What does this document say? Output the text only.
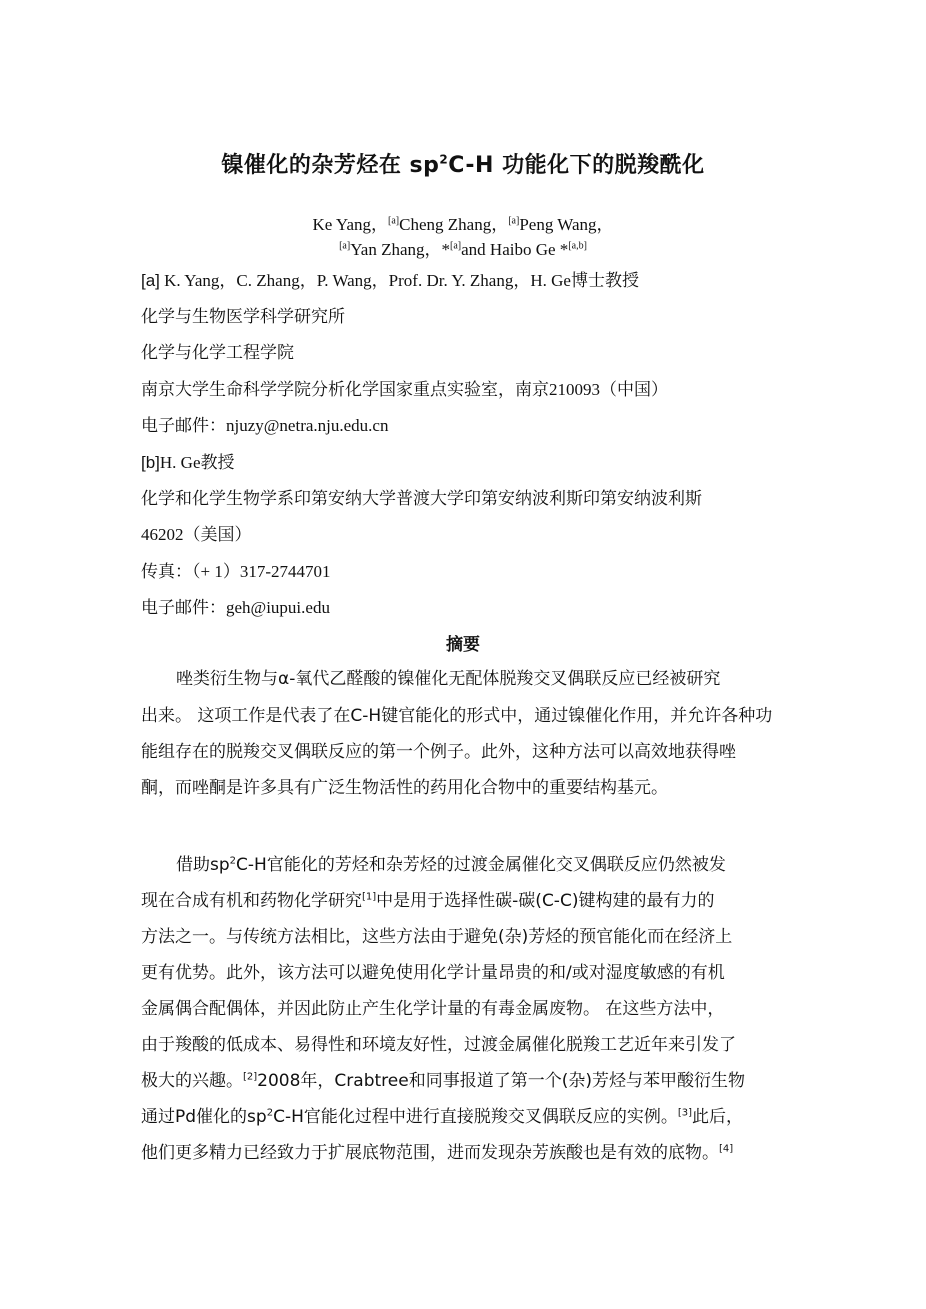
镍催化的杂芳烃在 $sp^2C-H$ 功能化下的脱羧酰化
Ke Yang，[a]Cheng Zhang，[a]Peng Wang，
[a]Yan Zhang，*[a]and Haibo Ge *[a,b]
[a] K. Yang，C. Zhang，P. Wang，Prof. Dr. Y. Zhang，H. Ge博士教授
化学与生物医学科学研究所
化学与化学工程学院
南京大学生命科学学院分析化学国家重点实验室，南京210093（中国）
电子邮件：njuzy@netra.nju.edu.cn
[b]H. Ge教授
化学和化学生物学系印第安纳大学普渡大学印第安纳波利斯印第安纳波利斯
46202（美国）
传真：（+ 1）317-2744701
电子邮件：geh@iupui.edu
摘要
唑类衍生物与α-氧代乙醛酸的镍催化无配体脱羧交叉偶联反应已经被研究
出来。 这项工作是代表了在C-H键官能化的形式中，通过镍催化作用，并允许各种功
能组存在的脱羧交叉偶联反应的第一个例子。此外，这种方法可以高效地获得唑
酮，而唑酮是许多具有广泛生物活性的药用化合物中的重要结构基元。
借助$sp^2C-H$官能化的芳烃和杂芳烃的过渡金属催化交叉偶联反应仍然被发
现在合成有机和药物化学研究[1]中是用于选择性碳-碳(C-C)键构建的最有力的
方法之一。与传统方法相比，这些方法由于避免(杂)芳烃的预官能化而在经济上
更有优势。此外，该方法可以避免使用化学计量昂贵的和/或对湿度敏感的有机
金属偶合配偶体，并因此防止产生化学计量的有毒金属废物。 在这些方法中，
由于羧酸的低成本、易得性和环境友好性，过渡金属催化脱羧工艺近年来引发了
极大的兴趣。[2]2008年，Crabtree和同事报道了第一个(杂)芳烃与苯甲酸衍生物
通过Pd催化的$sp^2C-H$官能化过程中进行直接脱羧交叉偶联反应的实例。[3]此后，
他们更多精力已经致力于扩展底物范围，进而发现杂芳族酸也是有效的底物。[4]
